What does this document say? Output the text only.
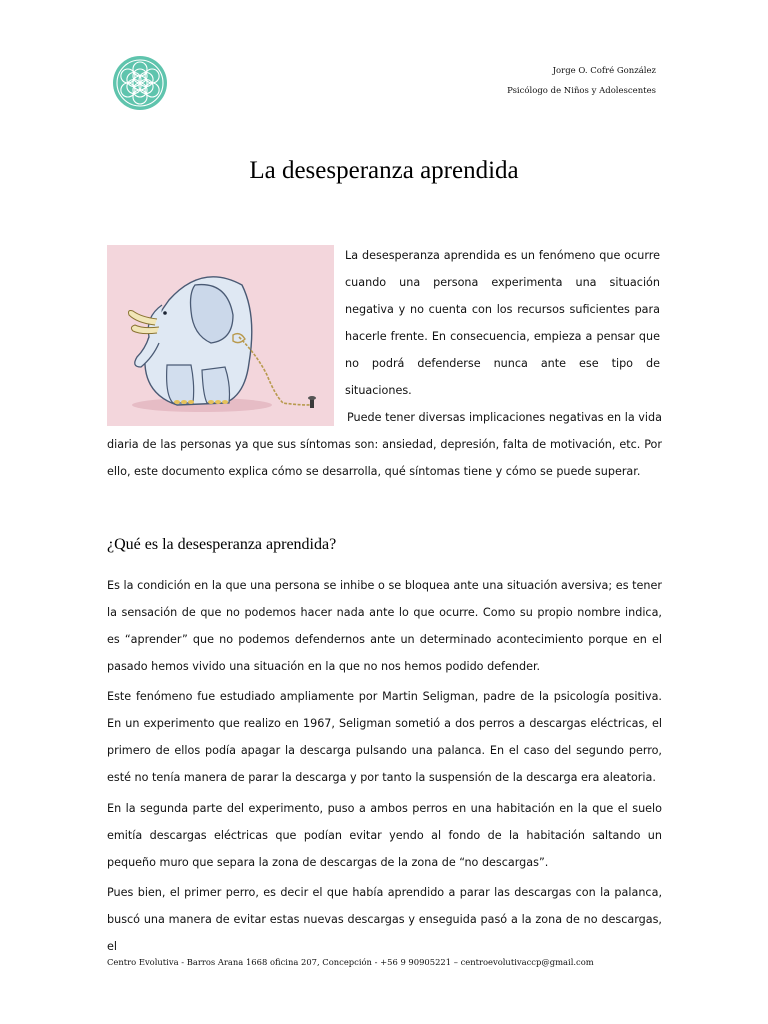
Jorge O. Cofré González
Psicólogo de Niños y Adolescentes
La desesperanza aprendida

La desesperanza aprendida es un fenómeno que ocurre cuando una persona experimenta una situación negativa y no cuenta con los recursos suficientes para hacerle frente. En consecuencia, empieza a pensar que no podrá defenderse nunca ante ese tipo de situaciones.

Puede tener diversas implicaciones negativas en la vida diaria de las personas ya que sus síntomas son: ansiedad, depresión, falta de motivación, etc. Por ello, este documento explica cómo se desarrolla, qué síntomas tiene y cómo se puede superar.

¿Qué es la desesperanza aprendida?

Es la condición en la que una persona se inhibe o se bloquea ante una situación aversiva; es tener la sensación de que no podemos hacer nada ante lo que ocurre. Como su propio nombre indica, es “aprender” que no podemos defendernos ante un determinado acontecimiento porque en el pasado hemos vivido una situación en la que no nos hemos podido defender.

Este fenómeno fue estudiado ampliamente por Martin Seligman, padre de la psicología positiva. En un experimento que realizo en 1967, Seligman sometió a dos perros a descargas eléctricas, el primero de ellos podía apagar la descarga pulsando una palanca. En el caso del segundo perro, esté no tenía manera de parar la descarga y por tanto la suspensión de la descarga era aleatoria.

En la segunda parte del experimento, puso a ambos perros en una habitación en la que el suelo emitía descargas eléctricas que podían evitar yendo al fondo de la habitación saltando un pequeño muro que separa la zona de descargas de la zona de “no descargas”.

Pues bien, el primer perro, es decir el que había aprendido a parar las descargas con la palanca, buscó una manera de evitar estas nuevas descargas y enseguida pasó a la zona de no descargas, el

Centro Evolutiva - Barros Arana 1668 oficina 207, Concepción - +56 9 90905221 – centroevolutivaccp@gmail.com
